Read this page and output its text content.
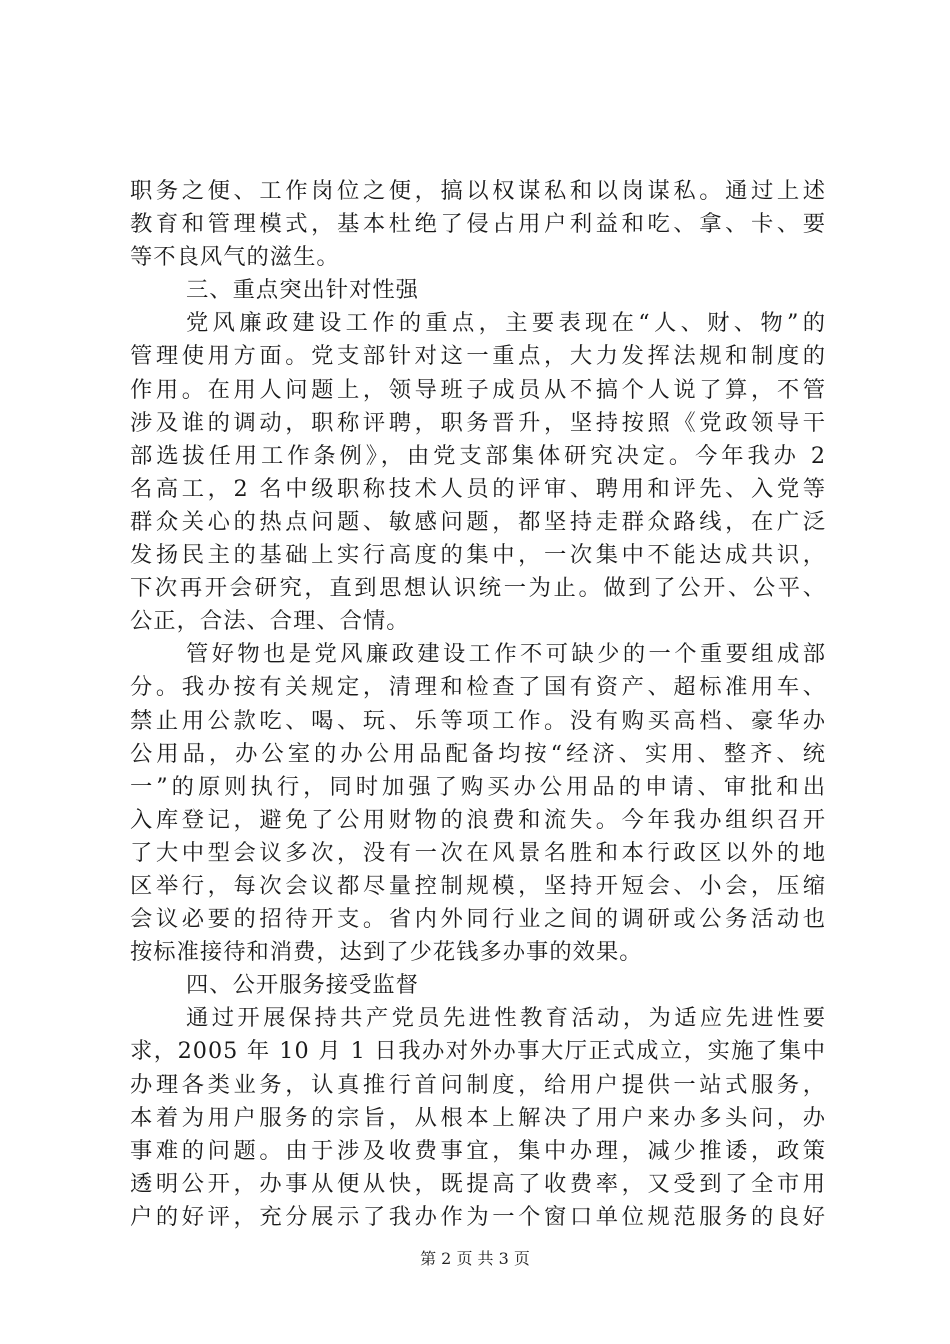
职务之便、工作岗位之便，搞以权谋私和以岗谋私。通过上述
教育和管理模式，基本杜绝了侵占用户利益和吃、拿、卡、要
等不良风气的滋生。
三、重点突出针对性强
党风廉政建设工作的重点，主要表现在“人、财、物”的
管理使用方面。党支部针对这一重点，大力发挥法规和制度的
作用。在用人问题上，领导班子成员从不搞个人说了算，不管
涉及谁的调动，职称评聘，职务晋升，坚持按照《党政领导干
部选拔任用工作条例》，由党支部集体研究决定。今年我办 2
名高工，2 名中级职称技术人员的评审、聘用和评先、入党等
群众关心的热点问题、敏感问题，都坚持走群众路线，在广泛
发扬民主的基础上实行高度的集中，一次集中不能达成共识，
下次再开会研究，直到思想认识统一为止。做到了公开、公平、
公正，合法、合理、合情。
管好物也是党风廉政建设工作不可缺少的一个重要组成部
分。我办按有关规定，清理和检查了国有资产、超标准用车、
禁止用公款吃、喝、玩、乐等项工作。没有购买高档、豪华办
公用品，办公室的办公用品配备均按“经济、实用、整齐、统
一”的原则执行，同时加强了购买办公用品的申请、审批和出
入库登记，避免了公用财物的浪费和流失。今年我办组织召开
了大中型会议多次，没有一次在风景名胜和本行政区以外的地
区举行，每次会议都尽量控制规模，坚持开短会、小会，压缩
会议必要的招待开支。省内外同行业之间的调研或公务活动也
按标准接待和消费，达到了少花钱多办事的效果。
四、公开服务接受监督
通过开展保持共产党员先进性教育活动，为适应先进性要
求，2005 年 10 月 1 日我办对外办事大厅正式成立，实施了集中
办理各类业务，认真推行首问制度，给用户提供一站式服务，
本着为用户服务的宗旨，从根本上解决了用户来办多头问，办
事难的问题。由于涉及收费事宜，集中办理，减少推诿，政策
透明公开，办事从便从快，既提高了收费率，又受到了全市用
户的好评，充分展示了我办作为一个窗口单位规范服务的良好
第 2 页 共 3 页
